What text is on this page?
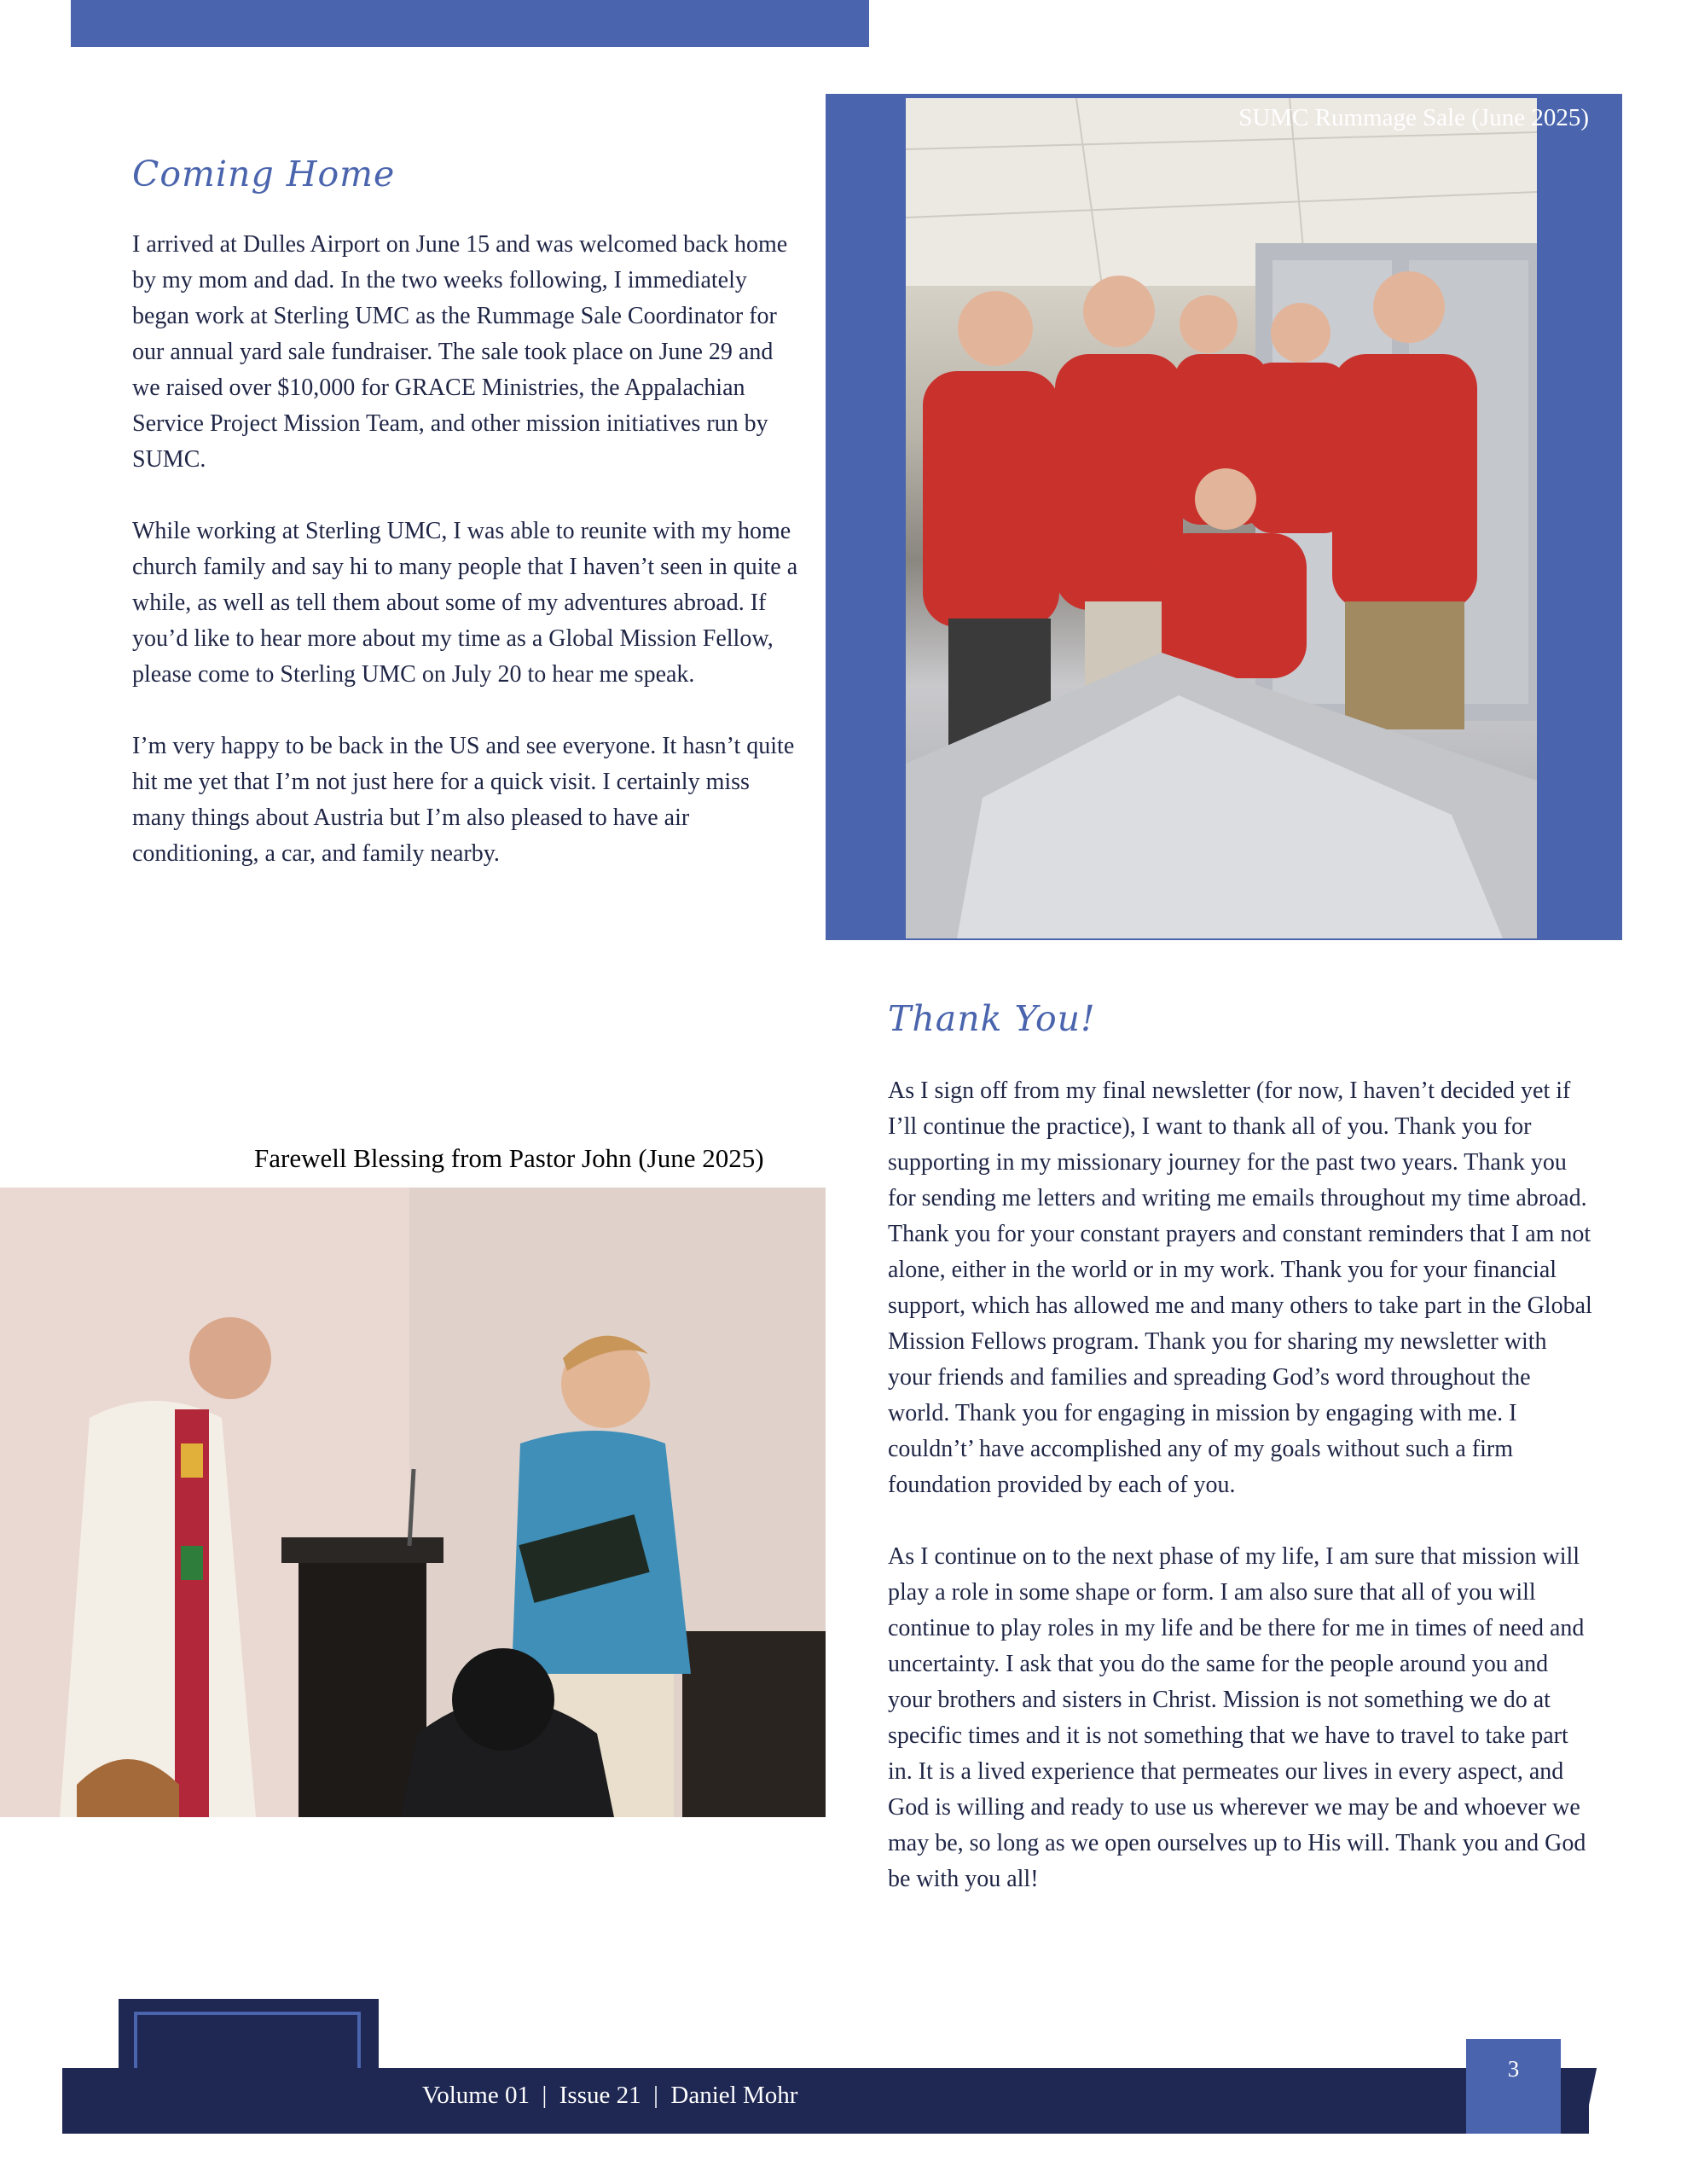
Coming Home

I arrived at Dulles Airport on June 15 and was welcomed back home by my mom and dad. In the two weeks following, I immediately began work at Sterling UMC as the Rummage Sale Coordinator for our annual yard sale fundraiser. The sale took place on June 29 and we raised over $10,000 for GRACE Ministries, the Appalachian Service Project Mission Team, and other mission initiatives run by SUMC.

While working at Sterling UMC, I was able to reunite with my home church family and say hi to many people that I haven’t seen in quite a while, as well as tell them about some of my adventures abroad. If you’d like to hear more about my time as a Global Mission Fellow, please come to Sterling UMC on July 20 to hear me speak.

I’m very happy to be back in the US and see everyone. It hasn’t quite hit me yet that I’m not just here for a quick visit. I certainly miss many things about Austria but I’m also pleased to have air conditioning, a car, and family nearby.

SUMC Rummage Sale (June 2025)
Thank You!

As I sign off from my final newsletter (for now, I haven’t decided yet if I’ll continue the practice), I want to thank all of you. Thank you for supporting in my missionary journey for the past two years. Thank you for sending me letters and writing me emails throughout my time abroad. Thank you for your constant prayers and constant reminders that I am not alone, either in the world or in my work. Thank you for your financial support, which has allowed me and many others to take part in the Global Mission Fellows program. Thank you for sharing my newsletter with your friends and families and spreading God’s word throughout the world. Thank you for engaging in mission by engaging with me. I couldn’t’ have accomplished any of my goals without such a firm foundation provided by each of you.

As I continue on to the next phase of my life, I am sure that mission will play a role in some shape or form. I am also sure that all of you will continue to play roles in my life and be there for me in times of need and uncertainty. I ask that you do the same for the people around you and your brothers and sisters in Christ. Mission is not something we do at specific times and it is not something that we have to travel to take part in. It is a lived experience that permeates our lives in every aspect, and God is willing and ready to use us wherever we may be and whoever we may be, so long as we open ourselves up to His will. Thank you and God be with you all!

Farewell Blessing from Pastor John (June 2025)
3
Volume 01  |  Issue 21  |  Daniel Mohr
